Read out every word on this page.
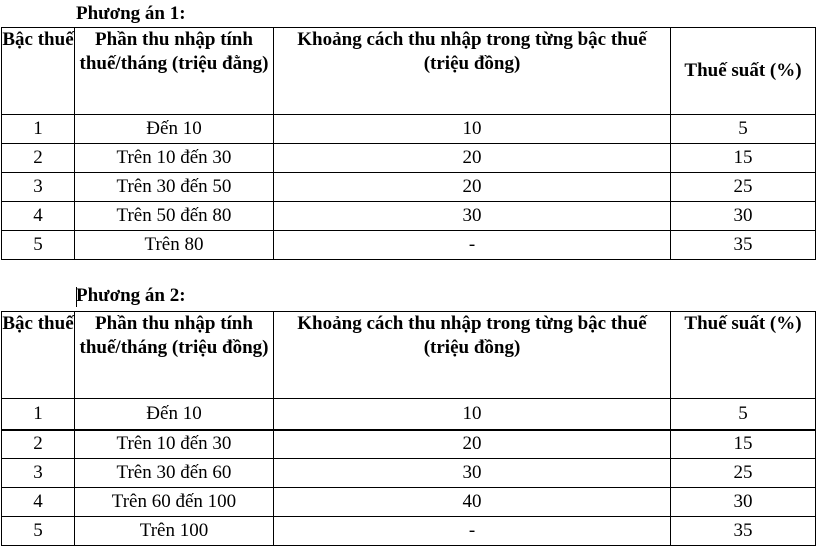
Phương án 1:
Bậc thuế	Phần thu nhập tính thuế/tháng (triệu đằng)	Khoảng cách thu nhập trong từng bậc thuế (triệu đồng)	Thuế suất (%)
1	Đến 10	10	5
2	Trên 10 đến 30	20	15
3	Trên 30 đến 50	20	25
4	Trên 50 đến 80	30	30
5	Trên 80	-	35
Phương án 2:
Bậc thuế	Phần thu nhập tính thuế/tháng (triệu đồng)	Khoảng cách thu nhập trong từng bậc thuế (triệu đồng)	Thuế suất (%)
1	Đến 10	10	5
2	Trên 10 đến 30	20	15
3	Trên 30 đến 60	30	25
4	Trên 60 đến 100	40	30
5	Trên 100	-	35
